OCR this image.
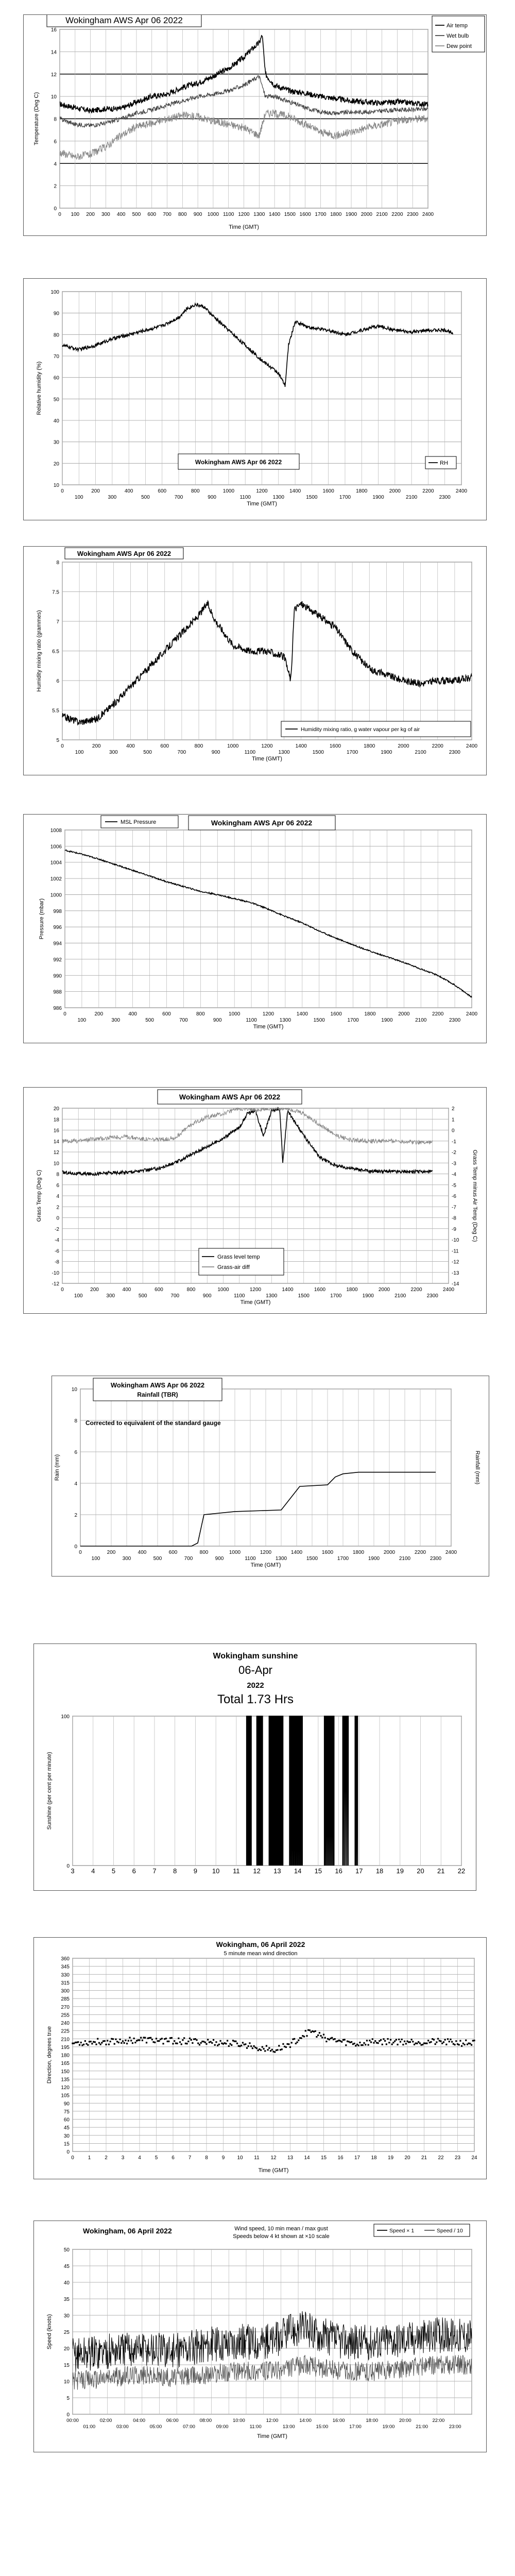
0
2
4
6
8
10
12
14
16
0 100 200 300 400 500 600 700 800 900 1000 1100 1200 1300 1400 1500 1600 1700 1800 1900 2000 2100 2200 2300 2400
Time (GMT)
Temperature (Deg C)
Wokingham AWS Apr 06 2022
Air temp
Wet bulb
Dew point
10
20
30
40
50
60
70
80
90
100
0
100
200
300
400
500
600
700
800
900
1000
1100
1200
1300
1400
1500
1600
1700
1800
1900
2000
2100
2200
2300
2400
Time (GMT)
Relative humidity (%)
Wokingham AWS Apr 06 2022	RH
5
5.5
6
6.5
7
7.5
8
0
100
200
300
400
500
600
700
800
900
1000
1100
1200
1300
1400
1500
1600
1700
1800
1900
2000
2100
2200
2300
2400
Time (GMT)
Humidity mixing ratio (grammes)
Wokingham AWS Apr 06 2022
Humidity mixing ratio, g water vapour per kg of air
986
988
990
992
994
996
998
1000
1002
1004
1006
1008
0
100
200
300
400
500
600
700
800
900
1000
1100
1200
1300
1400
1500
1600
1700
1800
1900
2000
2100
2200
2300
2400
Time (GMT)
Pressure (mbar)
MSL Pressure	Wokingham AWS Apr 06 2022
-12
-10
-8
-6
-4
-2
0
2
4
6
8
10
12
14
16
18
20
-14
-13
-12
-11
-10
-9
-8
-7
-6
-5
-4
-3
-2
-1
0
1
2
0
100
200
300
400
500
600
700
800
900
1000
1100
1200
1300
1400
1500
1600
1700
1800
1900
2000
2100
2200
2300
2400
Time (GMT)
Grass Temp (Deg C)	Grass Temp minus Air Temp (Deg C)
Wokingham AWS Apr 06 2022
Grass level temp
Grass-air diff
0
2
4
6
8
10
0
100
200
300
400
500
600
700
800
900
1000
1100
1200
1300
1400
1500
1600
1700
1800
1900
2000
2100
2200
2300
2400
Time (GMT)
Rain (mm)	Rainfall (mm)
Wokingham AWS Apr 06 2022
Rainfall (TBR)
Corrected to equivalent of the standard gauge
0
100
3	4	5	6	7	8	9 10 11 12 13 14 15 16 17 18 19 20 21 22
Sunshine (per cent per minute)
Wokingham sunshine
06-Apr
2022
Total 1.73 Hrs
0
15
30
45
60
75
90
105
120
135
150
165
180
195
210
225
240
255
270
285
300
315
330
345
360
0	1	2	3	4	5	6	7	8	9 10 11 12 13 14 15 16 17 18 19 20 21 22 23 24
Time (GMT)
Direction, degrees true
Wokingham, 06 April 2022
5 minute mean wind direction
0
5
10
15
20
25
30
35
40
45
50
00:00
01:00
02:00
03:00
04:00
05:00
06:00
07:00
08:00
09:00
10:00
11:00
12:00
13:00
14:00
15:00
16:00
17:00
18:00
19:00
20:00
21:00
22:00
23:00
Time (GMT)
Speed (knots)
Wokingham, 06 April 2022	Wind speed, 10 min mean / max gust
Speeds below 4 kt shown at ×10 scale
Speed × 1	Speed / 10
